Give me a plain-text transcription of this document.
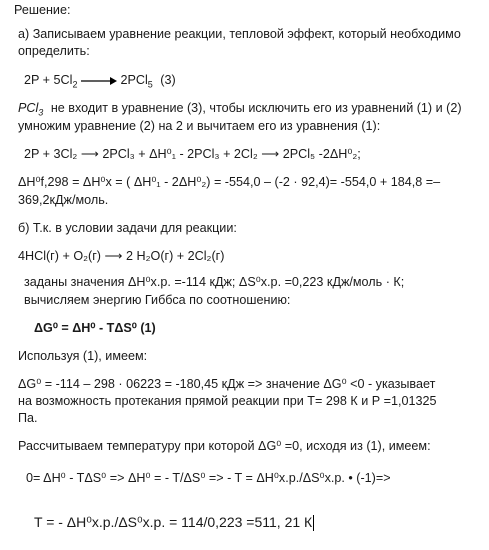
Решение:
а) Записываем уравнение реакции, тепловой эффект, который необходимо
определить:
$2P + 5Cl_2 \to 2PCl_5$ (3)
PCl$_3$ не входит в уравнение (3), чтобы исключить его из уравнений (1) и (2)
умножим уравнение (2) на 2 и вычитаем его из уравнения (1):
2P + 3Cl₂ ⟶ 2PCl₃ + ΔH⁰₁ - 2PCl₃ + 2Cl₂ ⟶ 2PCl₅ -2ΔH⁰₂;
ΔH⁰f,298 = ΔH⁰x = ( ΔH⁰₁ - 2ΔH⁰₂) = -554,0 – (-2 · 92,4)= -554,0 + 184,8 =–
369,2кДж/моль.
б) Т.к. в условии задачи для реакции:
4HCl(г) + O₂(г) ⟶ 2 H₂O(г) + 2Cl₂(г)
заданы значения ΔH⁰х.р. =-114 кДж; ΔS⁰х.р. =0,223 кДж/моль · К;
вычисляем энергию Гиббса по соотношению:
ΔG⁰ = ΔH⁰ - TΔS⁰ (1)
Используя (1), имеем:
ΔG⁰ = -114 – 298 · 06223 = -180,45 кДж => значение ΔG⁰ <0 - указывает
на возможность протекания прямой реакции при Т= 298 К и Р =1,01325
Па.
Рассчитываем температуру при которой ΔG⁰ =0, исходя из (1), имеем:
0= ΔH⁰ - TΔS⁰ => ΔH⁰ = - T/ΔS⁰ => - T = ΔH⁰х.р./ΔS⁰х.р. • (-1)=>
T = - ΔH⁰х.р./ΔS⁰х.р. = 114/0,223 =511, 21 К
